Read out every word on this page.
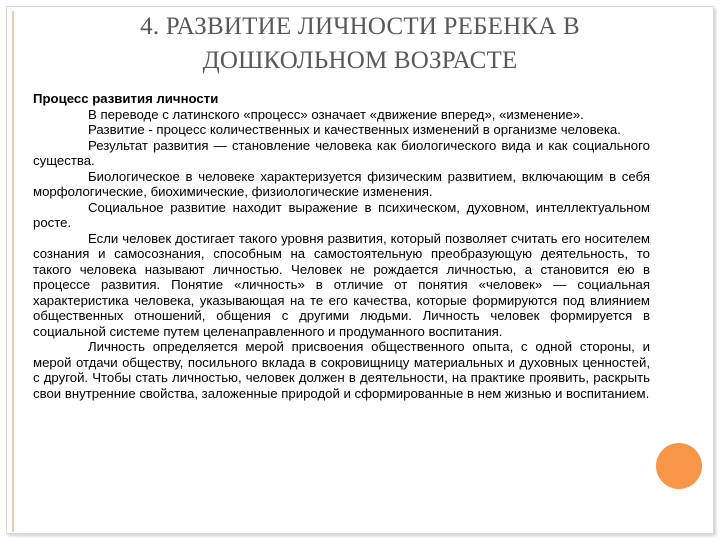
4. РАЗВИТИЕ ЛИЧНОСТИ РЕБЕНКА В
ДОШКОЛЬНОМ ВОЗРАСТЕ
Процесс развития личности

В переводе с латинского «процесс» означает «движение вперед», «изменение».

Развитие - процесс количественных и качественных изменений в организме человека.

Результат развития — становление человека как биологического вида и как социального существа.

Биологическое в человеке характеризуется физическим развитием, включающим в себя морфологические, биохимические, физиологические изменения.

Социальное развитие находит выражение в психическом, духовном, интеллектуальном росте.

Если человек достигает такого уровня развития, который позволяет считать его носителем сознания и самосознания, способным на самостоятельную преобразующую деятельность, то такого человека называют личностью. Человек не рождается личностью, а становится ею в процессе развития. Понятие «личность» в отличие от понятия «человек» — социальная характеристика человека, указывающая на те его качества, которые формируются под влиянием общественных отношений, общения с другими людьми. Личность человек формируется в социальной системе путем целенаправленного и продуманного воспитания.

Личность определяется мерой присвоения общественного опыта, с одной стороны, и мерой отдачи обществу, посильного вклада в сокровищницу материальных и духовных ценностей, с другой. Чтобы стать личностью, человек должен в деятельности, на практике проявить, раскрыть свои внутренние свойства, заложенные природой и сформированные в нем жизнью и воспитанием.
